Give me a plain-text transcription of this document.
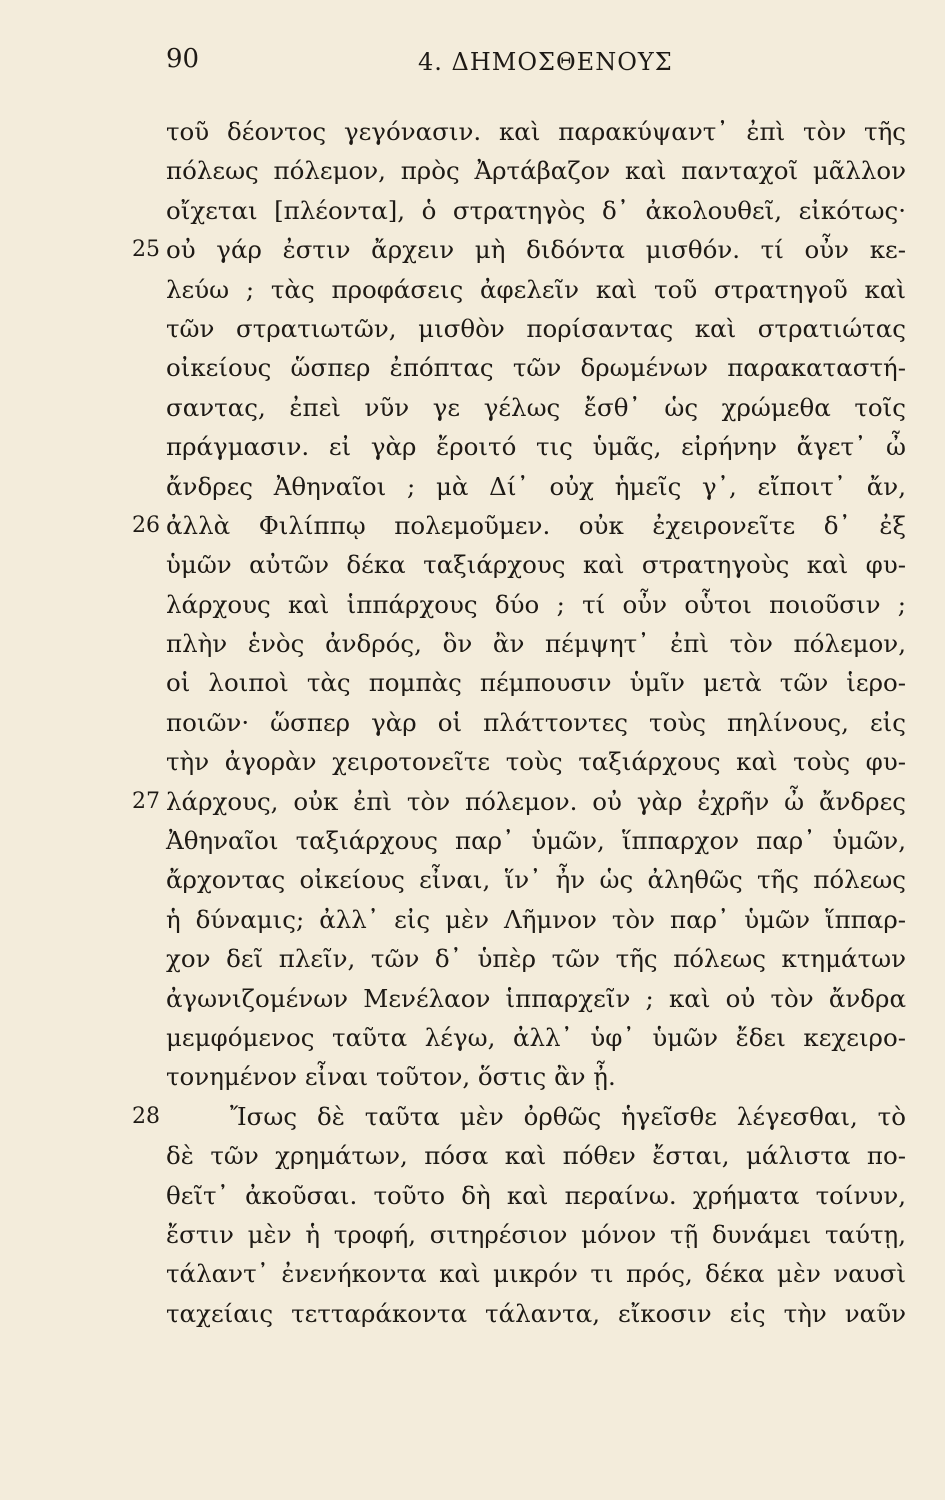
90	4. ΔΗΜΟΣΘΕΝΟΥΣ
τοῦ δέοντος γεγόνασιν. καὶ παρακύψαντ᾽ ἐπὶ τὸν τῆς
πόλεως πόλεμον, πρὸς Ἀρτάβαζον καὶ πανταχοῖ μᾶλλον
οἴχεται [πλέοντα], ὁ στρατηγὸς δ᾽ ἀκολουθεῖ, εἰκότως·
25 οὐ γάρ ἐστιν ἄρχειν μὴ διδόντα μισθόν. τί οὖν κε-
λεύω ; τὰς προφάσεις ἀφελεῖν καὶ τοῦ στρατηγοῦ καὶ
τῶν στρατιωτῶν, μισθὸν πορίσαντας καὶ στρατιώτας
οἰκείους ὥσπερ ἐπόπτας τῶν δρωμένων παρακαταστή-
σαντας, ἐπεὶ νῦν γε γέλως ἔσθ᾽ ὡς χρώμεθα τοῖς
πράγμασιν. εἰ γὰρ ἔροιτό τις ὑμᾶς, εἰρήνην ἄγετ᾽ ὦ
ἄνδρες Ἀθηναῖοι ; μὰ Δί᾽ οὐχ ἡμεῖς γ᾽, εἴποιτ᾽ ἄν,
26 ἀλλὰ Φιλίππῳ πολεμοῦμεν. οὐκ ἐχειρονεῖτε δ᾽ ἐξ
ὑμῶν αὐτῶν δέκα ταξιάρχους καὶ στρατηγοὺς καὶ φυ-
λάρχους καὶ ἱππάρχους δύο ; τί οὖν οὗτοι ποιοῦσιν ;
πλὴν ἑνὸς ἀνδρός, ὃν ἂν πέμψητ᾽ ἐπὶ τὸν πόλεμον,
οἱ λοιποὶ τὰς πομπὰς πέμπουσιν ὑμῖν μετὰ τῶν ἱερο-
ποιῶν· ὥσπερ γὰρ οἱ πλάττοντες τοὺς πηλίνους, εἰς
τὴν ἀγορὰν χειροτονεῖτε τοὺς ταξιάρχους καὶ τοὺς φυ-
27 λάρχους, οὐκ ἐπὶ τὸν πόλεμον. οὐ γὰρ ἐχρῆν ὦ ἄνδρες
Ἀθηναῖοι ταξιάρχους παρ᾽ ὑμῶν, ἵππαρχον παρ᾽ ὑμῶν,
ἄρχοντας οἰκείους εἶναι, ἵν᾽ ἦν ὡς ἀληθῶς τῆς πόλεως
ἡ δύναμις; ἀλλ᾽ εἰς μὲν Λῆμνον τὸν παρ᾽ ὑμῶν ἵππαρ-
χον δεῖ πλεῖν, τῶν δ᾽ ὑπὲρ τῶν τῆς πόλεως κτημάτων
ἀγωνιζομένων Μενέλαον ἱππαρχεῖν ; καὶ οὐ τὸν ἄνδρα
μεμφόμενος ταῦτα λέγω, ἀλλ᾽ ὑφ᾽ ὑμῶν ἔδει κεχειρο-
τονημένον εἶναι τοῦτον, ὅστις ἂν ᾖ.
28	Ἴσως δὲ ταῦτα μὲν ὀρθῶς ἡγεῖσθε λέγεσθαι, τὸ
δὲ τῶν χρημάτων, πόσα καὶ πόθεν ἔσται, μάλιστα πο-
θεῖτ᾽ ἀκοῦσαι. τοῦτο δὴ καὶ περαίνω. χρήματα τοίνυν,
ἔστιν μὲν ἡ τροφή, σιτηρέσιον μόνον τῇ δυνάμει ταύτῃ,
τάλαντ᾽ ἐνενήκοντα καὶ μικρόν τι πρός, δέκα μὲν ναυσὶ
ταχείαις τετταράκοντα τάλαντα, εἴκοσιν εἰς τὴν ναῦν
